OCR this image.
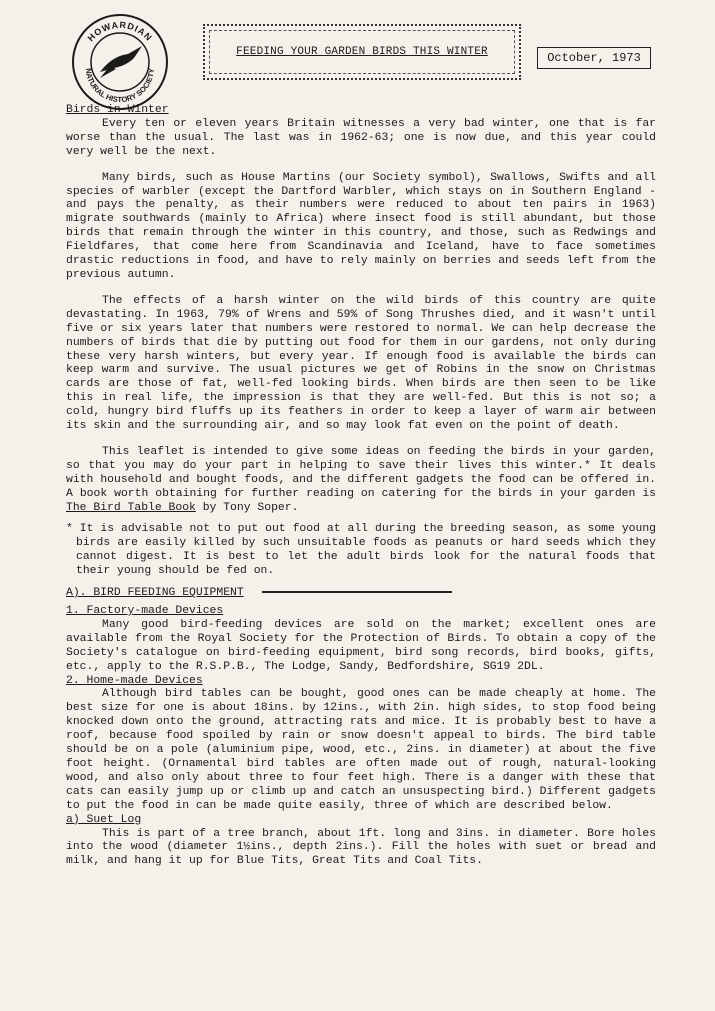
HOWARDIAN
NATURAL HISTORY SOCIETY
FEEDING YOUR GARDEN BIRDS THIS WINTER	October, 1973

Birds in Winter

Every ten or eleven years Britain witnesses a very bad winter, one that is far worse than the usual. The last was in 1962-63; one is now due, and this year could very well be the next.

Many birds, such as House Martins (our Society symbol), Swallows, Swifts and all species of warbler (except the Dartford Warbler, which stays on in Southern England - and pays the penalty, as their numbers were reduced to about ten pairs in 1963) migrate southwards (mainly to Africa) where insect food is still abundant, but those birds that remain through the winter in this country, and those, such as Redwings and Fieldfares, that come here from Scandinavia and Iceland, have to face sometimes drastic reductions in food, and have to rely mainly on berries and seeds left from the previous autumn.

The effects of a harsh winter on the wild birds of this country are quite devastating. In 1963, 79% of Wrens and 59% of Song Thrushes died, and it wasn't until five or six years later that numbers were restored to normal. We can help decrease the numbers of birds that die by putting out food for them in our gardens, not only during these very harsh winters, but every year. If enough food is available the birds can keep warm and survive. The usual pictures we get of Robins in the snow on Christmas cards are those of fat, well-fed looking birds. When birds are then seen to be like this in real life, the impression is that they are well-fed. But this is not so; a cold, hungry bird fluffs up its feathers in order to keep a layer of warm air between its skin and the surrounding air, and so may look fat even on the point of death.

This leaflet is intended to give some ideas on feeding the birds in your garden, so that you may do your part in helping to save their lives this winter.* It deals with household and bought foods, and the different gadgets the food can be offered in. A book worth obtaining for further reading on catering for the birds in your garden is The Bird Table Book by Tony Soper.

* It is advisable not to put out food at all during the breeding season, as some young birds are easily killed by such unsuitable foods as peanuts or hard seeds which they cannot digest. It is best to let the adult birds look for the natural foods that their young should be fed on.

A). BIRD FEEDING EQUIPMENT

1. Factory-made Devices

Many good bird-feeding devices are sold on the market; excellent ones are available from the Royal Society for the Protection of Birds. To obtain a copy of the Society's catalogue on bird-feeding equipment, bird song records, bird books, gifts, etc., apply to the R.S.P.B., The Lodge, Sandy, Bedfordshire, SG19 2DL.

2. Home-made Devices

Although bird tables can be bought, good ones can be made cheaply at home. The best size for one is about 18ins. by 12ins., with 2in. high sides, to stop food being knocked down onto the ground, attracting rats and mice. It is probably best to have a roof, because food spoiled by rain or snow doesn't appeal to birds. The bird table should be on a pole (aluminium pipe, wood, etc., 2ins. in diameter) at about the five foot height. (Ornamental bird tables are often made out of rough, natural-looking wood, and also only about three to four feet high. There is a danger with these that cats can easily jump up or climb up and catch an unsuspecting bird.) Different gadgets to put the food in can be made quite easily, three of which are described below.

a) Suet Log

This is part of a tree branch, about 1ft. long and 3ins. in diameter. Bore holes into the wood (diameter 1½ins., depth 2ins.). Fill the holes with suet or bread and milk, and hang it up for Blue Tits, Great Tits and Coal Tits.
